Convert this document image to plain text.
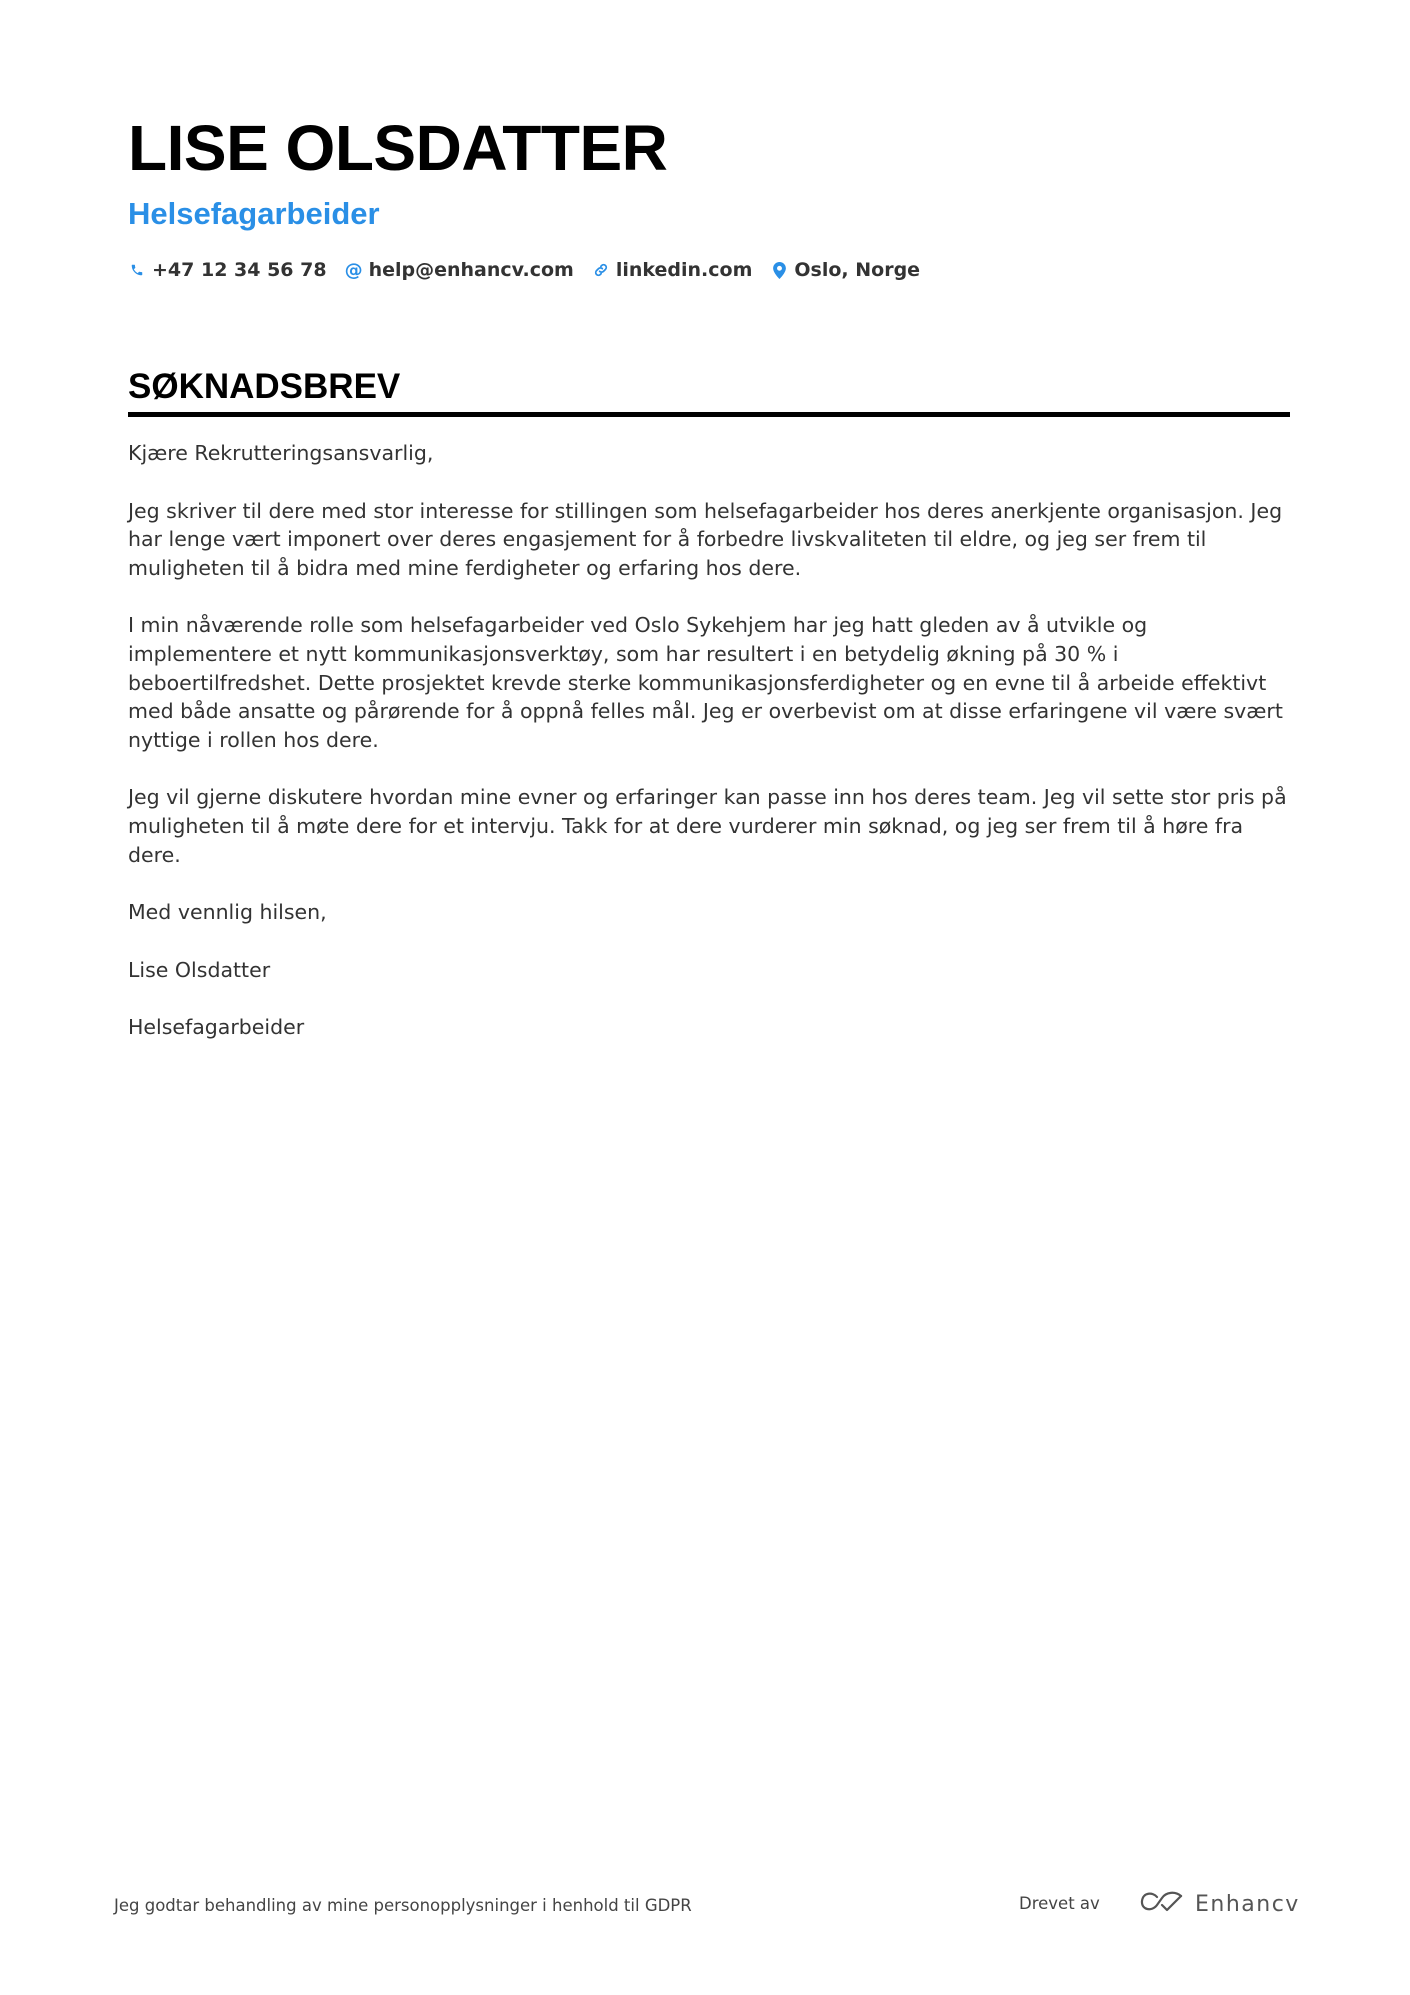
LISE OLSDATTER
Helsefagarbeider
+47 12 34 56 78 @ help@enhancv.com linkedin.com Oslo, Norge
SØKNADSBREV

Kjære Rekrutteringsansvarlig,

Jeg skriver til dere med stor interesse for stillingen som helsefagarbeider hos deres anerkjente organisasjon. Jeg har lenge vært imponert over deres engasjement for å forbedre livskvaliteten til eldre, og jeg ser frem til muligheten til å bidra med mine ferdigheter og erfaring hos dere.

I min nåværende rolle som helsefagarbeider ved Oslo Sykehjem har jeg hatt gleden av å utvikle og implementere et nytt kommunikasjonsverktøy, som har resultert i en betydelig økning på 30 % i beboertilfredshet. Dette prosjektet krevde sterke kommunikasjonsferdigheter og en evne til å arbeide effektivt med både ansatte og pårørende for å oppnå felles mål. Jeg er overbevist om at disse erfaringene vil være svært nyttige i rollen hos dere.

Jeg vil gjerne diskutere hvordan mine evner og erfaringer kan passe inn hos deres team. Jeg vil sette stor pris på muligheten til å møte dere for et intervju. Takk for at dere vurderer min søknad, og jeg ser frem til å høre fra dere.

Med vennlig hilsen,

Lise Olsdatter

Helsefagarbeider

Jeg godtar behandling av mine personopplysninger i henhold til GDPR	Drevet av	Enhancv
